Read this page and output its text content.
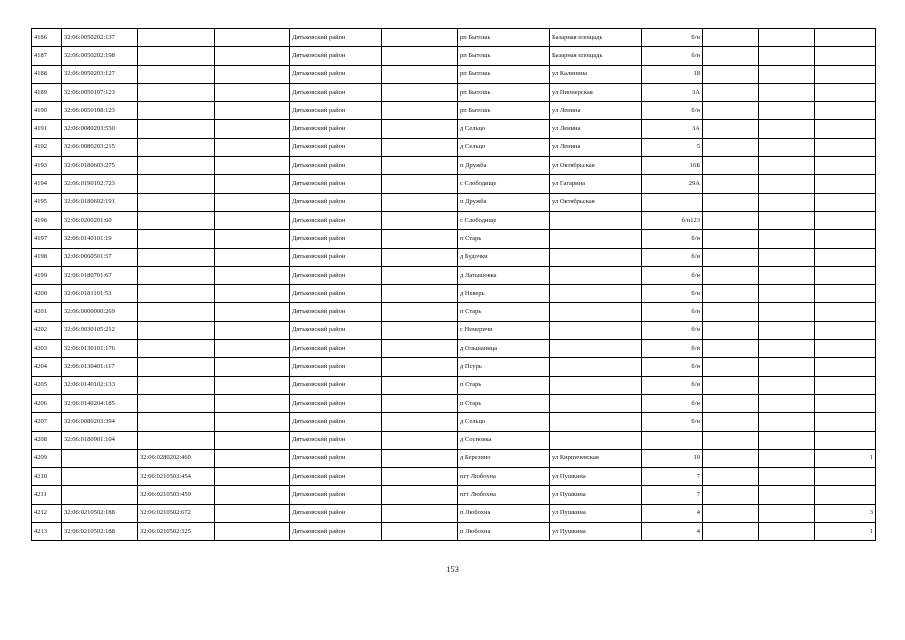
4186	32:06:0050202:137			Дятьковский район		рп Бытошь	Базарная площадь	б/н			
4187	32:06:0050202:198			Дятьковский район		рп Бытошь	Базарная площадь	б/н			
4188	32:06:0050203:127			Дятьковский район		рп Бытошь	ул Калинина	18			
4189	32:06:0050107:123			Дятьковский район		рп Бытошь	ул Пионерская	3А			
4190	32:06:0050108:123			Дятьковский район		рп Бытошь	ул Ленина	б/н			
4191	32:06:0080203:530			Дятьковский район		д Сельцо	ул Ленина	3А			
4192	32:06:0080203:215			Дятьковский район		д Сельцо	ул Ленина	5			
4193	32:06:0180603:275			Дятьковский район		п Дружба	ул Октябрьская	16Б			
4194	32:06:0190102:723			Дятьковский район		с Слободище	ул Гагарина	29А			
4195	32:06:0180602:191			Дятьковский район		п Дружба	ул Октябрьская				
4196	32:06:0200201:60			Дятьковский район		с Слободище		б/н123			
4197	32:06:0140101:19			Дятьковский район		п Старь		б/н			
4198	32:06:0060501:57			Дятьковский район		д Будочки		б/н			
4199	32:06:0180701:67			Дятьковский район		д Латышовка		б/н			
4200	32:06:0181101:53			Дятьковский район		д Неверь		б/н			
4201	32:06:0000000:269			Дятьковский район		п Старь		б/н			
4202	32:06:0030105:212			Дятьковский район		с Немеричи		б/н			
4203	32:06:0130101:176			Дятьковский район		д Ольшаница		б/н			
4204	32:06:0130401:117			Дятьковский район		д Псурь		б/н			
4205	32:06:0140102:133			Дятьковский район		п Старь		б/н			
4206	32:06:0140204:185			Дятьковский район		п Старь		б/н			
4207	32:06:0080203:394			Дятьковский район		д Сельцо		б/н			
4208	32:06:0180901:104			Дятьковский район		д Сосновка					
4209		32:06:0280202:460		Дятьковский район		д Березино	ул Кирпичевская	10			1
4210		32:06:0210503:454		Дятьковский район		пгт Любохна	ул Пушкина	7			
4211		32:06:0210503:459		Дятьковский район		пгт Любохна	ул Пушкина	7			
4212	32:06:0210502:188	32:06:0210502:672		Дятьковский район		п Любохна	ул Пушкина	4			3
4213	32:06:0210502:188	32:06:0210502:325		Дятьковский район		п Любохна	ул Пушкина	4			1
153
